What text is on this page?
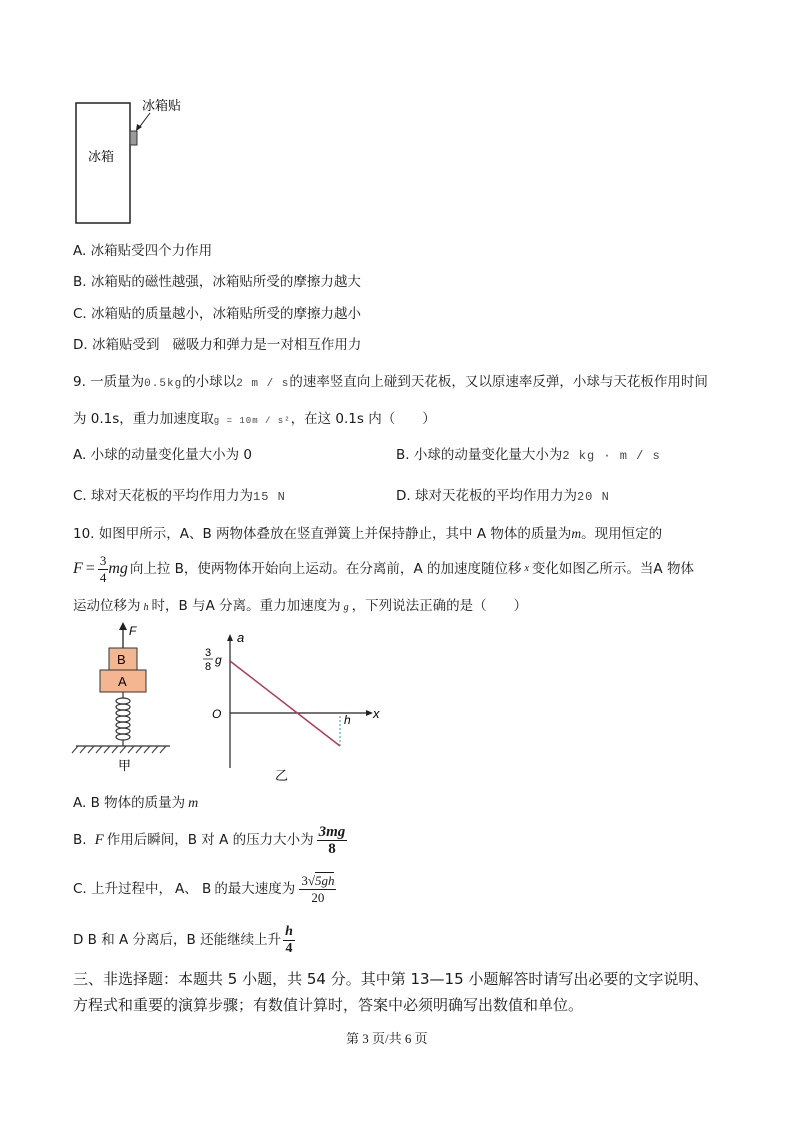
冰箱
冰箱贴
A. 冰箱贴受四个力作用
B. 冰箱贴的磁性越强，冰箱贴所受的摩擦力越大
C. 冰箱贴的质量越小，冰箱贴所受的摩擦力越小
D. 冰箱贴受到   磁吸力和弹力是一对相互作用力
9. 一质量为0.5kg的小球以2 m / s的速率竖直向上碰到天花板，又以原速率反弹，小球与天花板作用时间
为 0.1s，重力加速度取g = 10m / s²，在这 0.1s 内（　　）
A. 小球的动量变化量大小为 0	B. 小球的动量变化量大小为2 kg · m / s
C. 球对天花板的平均作用力为15 N	D. 球对天花板的平均作用力为20 N
10. 如图甲所示，A、B 两物体叠放在竖直弹簧上并保持静止，其中 A 物体的质量为m。现用恒定的
$F = \frac{3}{4}$ mg 向上拉 B，使两物体开始向上运动。在分离前， A 的加速度随位移 x 变化如图乙所示。当 A 物体
运动位移为 h 时，B 与A 分离。重力加速度为 g ，下列说法正确的是（　　）
F
B
A
甲
a
x
O
3
8 g
h
乙
A. B 物体的质量为 m
B. F 作用后瞬间，B 对 A 的压力大小为 $\frac{3mg}{8}$
C. 上升过程中， A、 B 的最大速度为 $\frac{3√5gh}{20}$
D B 和 A 分离后，B 还能继续上升 $\frac{h}{4}$
三、非选择题：本题共 5 小题，共 54 分。其中第 13—15 小题解答时请写出必要的文字说明、
方程式和重要的演算步骤；有数值计算时，答案中必须明确写出数值和单位。
第 3 页/共 6 页
